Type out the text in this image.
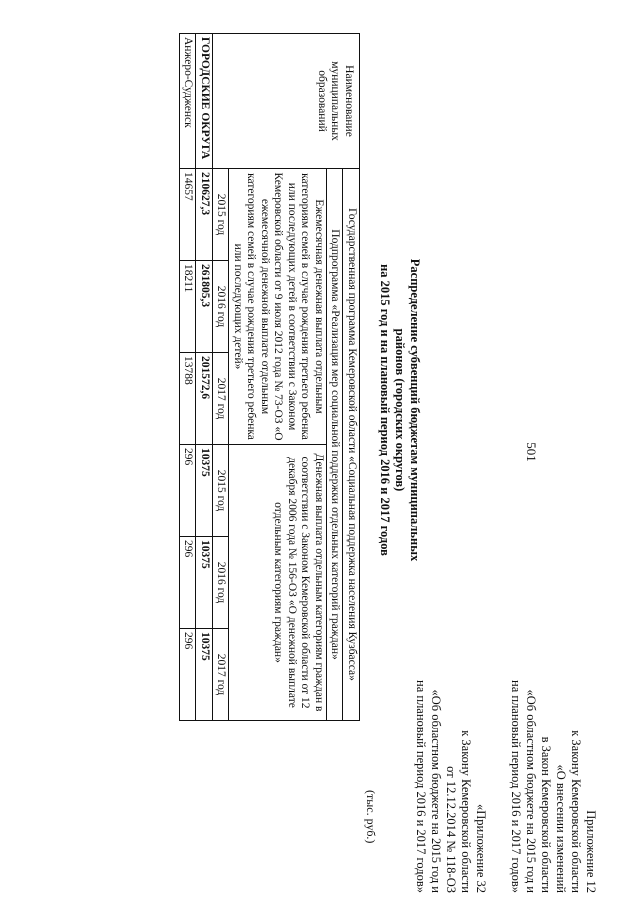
501
Приложение 12
к Закону Кемеровской области
«О внесении изменений
в Закон Кемеровской области
«Об областном бюджете на 2015 год и
на плановый период 2016 и 2017 годов»
«Приложение 32
к Закону Кемеровской области
от 12.12.2014 № 118-ОЗ
«Об областном бюджете на 2015 год и
на плановый период 2016 и 2017 годов»
Распределение субвенций бюджетам муниципальных районов (городских округов)
на 2015 год и на плановый период 2016 и 2017 годов
(тыс. руб.)
Наименование муниципальных образований	Государственная программа Кемеровской области «Социальная поддержка населения Кузбасса»					
	Подпрограмма «Реализация мер социальной поддержки отдельных категорий граждан»					
	Ежемесячная денежная выплата отдельным категориям семей в случае рождения третьего ребенка или последующих детей в соответствии с Законом Кемеровской области от 9 июля 2012 года № 73-ОЗ «О ежемесячной денежной выплате отдельным категориям семей в случае рождения третьего ребенка или последующих детей»			Денежная выплата отдельным категориям граждан в соответствии с Законом Кемеровской области от 12 декабря 2006 года № 156-ОЗ «О денежной выплате отдельным категориям граждан»		
	2015 год	2016 год	2017 год	2015 год	2016 год	2017 год
ГОРОДСКИЕ ОКРУГА	210627,3	261805,3	201572,6	10375	10375	10375
Анжеро-Судженск	14657	18211	13788	296	296	296
